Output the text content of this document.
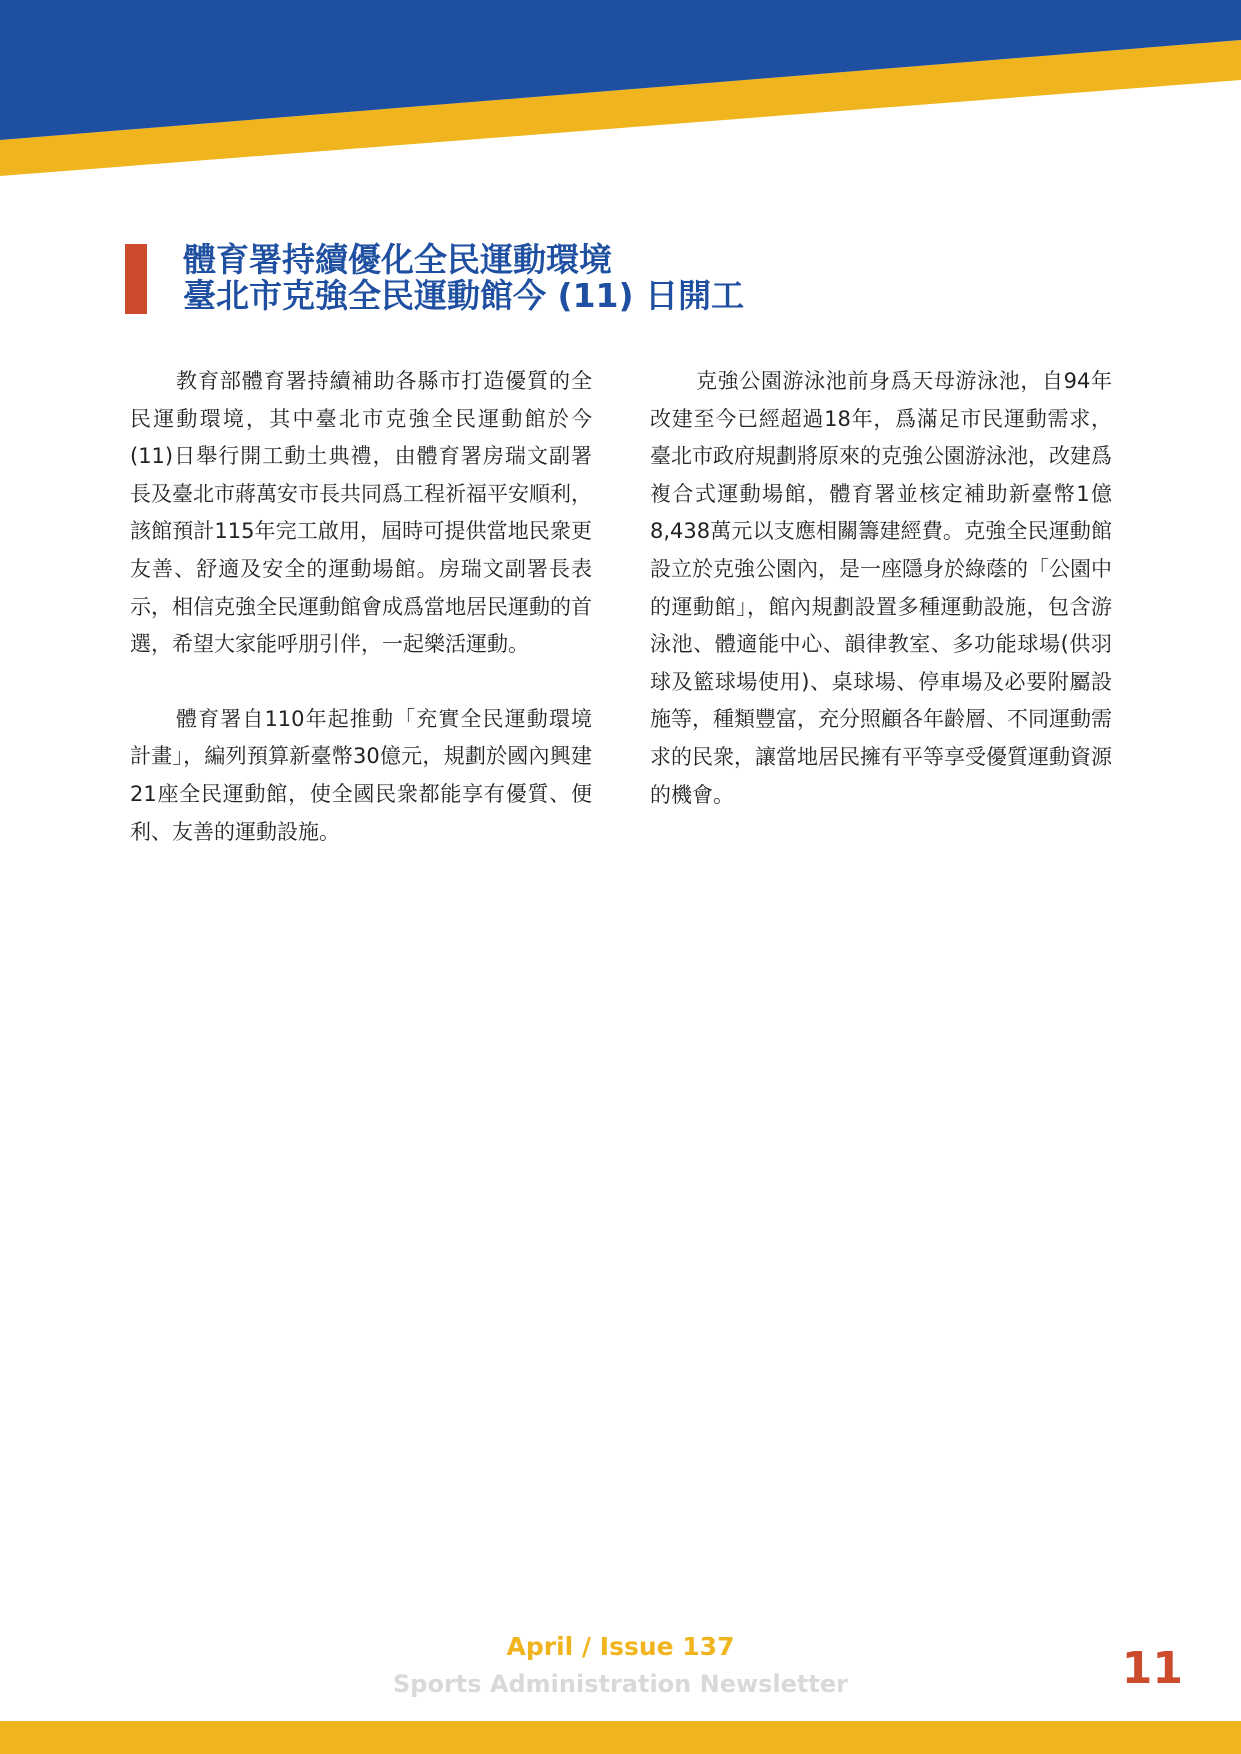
體育署持續優化全民運動環境
臺北市克強全民運動館今 (11) 日開工

教育部體育署持續補助各縣市打造優質的全民運動環境，其中臺北市克強全民運動館於今(11)日舉行開工動土典禮，由體育署房瑞文副署長及臺北市蔣萬安市長共同爲工程祈福平安順利，該館預計115年完工啟用，屆時可提供當地民衆更友善、舒適及安全的運動場館。房瑞文副署長表示，相信克強全民運動館會成爲當地居民運動的首選，希望大家能呼朋引伴，一起樂活運動。

體育署自110年起推動「充實全民運動環境計畫」，編列預算新臺幣30億元，規劃於國內興建21座全民運動館，使全國民衆都能享有優質、便利、友善的運動設施。

克強公園游泳池前身爲天母游泳池，自94年改建至今已經超過18年，爲滿足市民運動需求，臺北市政府規劃將原來的克強公園游泳池，改建爲複合式運動場館，體育署並核定補助新臺幣1億8,438萬元以支應相關籌建經費。克強全民運動館設立於克強公園內，是一座隱身於綠蔭的「公園中的運動館」，館內規劃設置多種運動設施，包含游泳池、體適能中心、韻律教室、多功能球場(供羽球及籃球場使用)、桌球場、停車場及必要附屬設施等，種類豐富，充分照顧各年齡層、不同運動需求的民衆，讓當地居民擁有平等享受優質運動資源的機會。

April / Issue 137
Sports Administration Newsletter	11
